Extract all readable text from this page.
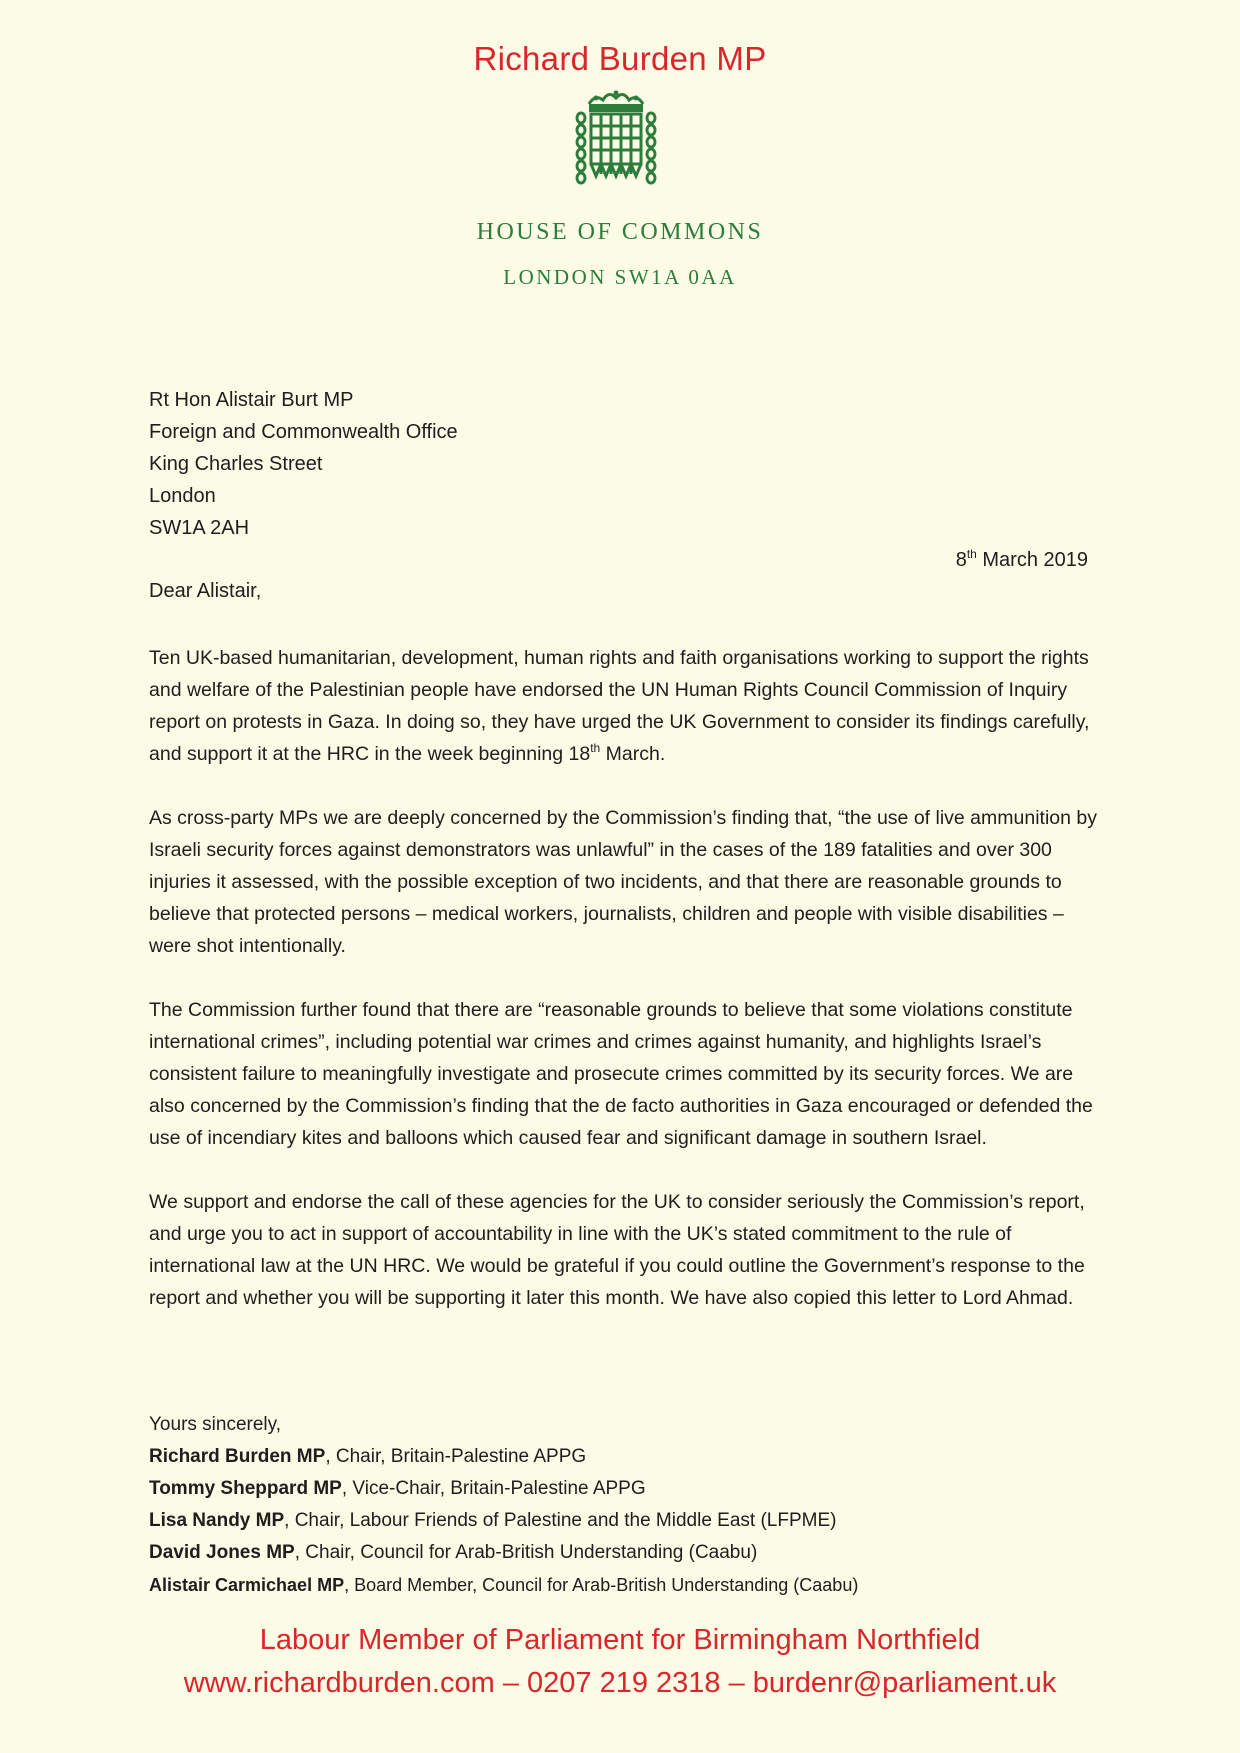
Richard Burden MP
HOUSE OF COMMONS
LONDON SW1A 0AA
Rt Hon Alistair Burt MP
Foreign and Commonwealth Office
King Charles Street
London
SW1A 2AH
8th March 2019
Dear Alistair,

Ten UK-based humanitarian, development, human rights and faith organisations working to support the rights and welfare of the Palestinian people have endorsed the UN Human Rights Council Commission of Inquiry report on protests in Gaza. In doing so, they have urged the UK Government to consider its findings carefully, and support it at the HRC in the week beginning 18th March.

As cross-party MPs we are deeply concerned by the Commission’s finding that, “the use of live ammunition by Israeli security forces against demonstrators was unlawful” in the cases of the 189 fatalities and over 300 injuries it assessed, with the possible exception of two incidents, and that there are reasonable grounds to believe that protected persons – medical workers, journalists, children and people with visible disabilities – were shot intentionally.

The Commission further found that there are “reasonable grounds to believe that some violations constitute international crimes”, including potential war crimes and crimes against humanity, and highlights Israel’s consistent failure to meaningfully investigate and prosecute crimes committed by its security forces. We are also concerned by the Commission’s finding that the de facto authorities in Gaza encouraged or defended the use of incendiary kites and balloons which caused fear and significant damage in southern Israel.

We support and endorse the call of these agencies for the UK to consider seriously the Commission’s report, and urge you to act in support of accountability in line with the UK’s stated commitment to the rule of international law at the UN HRC. We would be grateful if you could outline the Government’s response to the report and whether you will be supporting it later this month. We have also copied this letter to Lord Ahmad.

Yours sincerely,
Richard Burden MP, Chair, Britain-Palestine APPG
Tommy Sheppard MP, Vice-Chair, Britain-Palestine APPG
Lisa Nandy MP, Chair, Labour Friends of Palestine and the Middle East (LFPME)
David Jones MP, Chair, Council for Arab-British Understanding (Caabu)
Alistair Carmichael MP, Board Member, Council for Arab-British Understanding (Caabu)
Labour Member of Parliament for Birmingham Northfield
www.richardburden.com – 0207 219 2318 – burdenr@parliament.uk
